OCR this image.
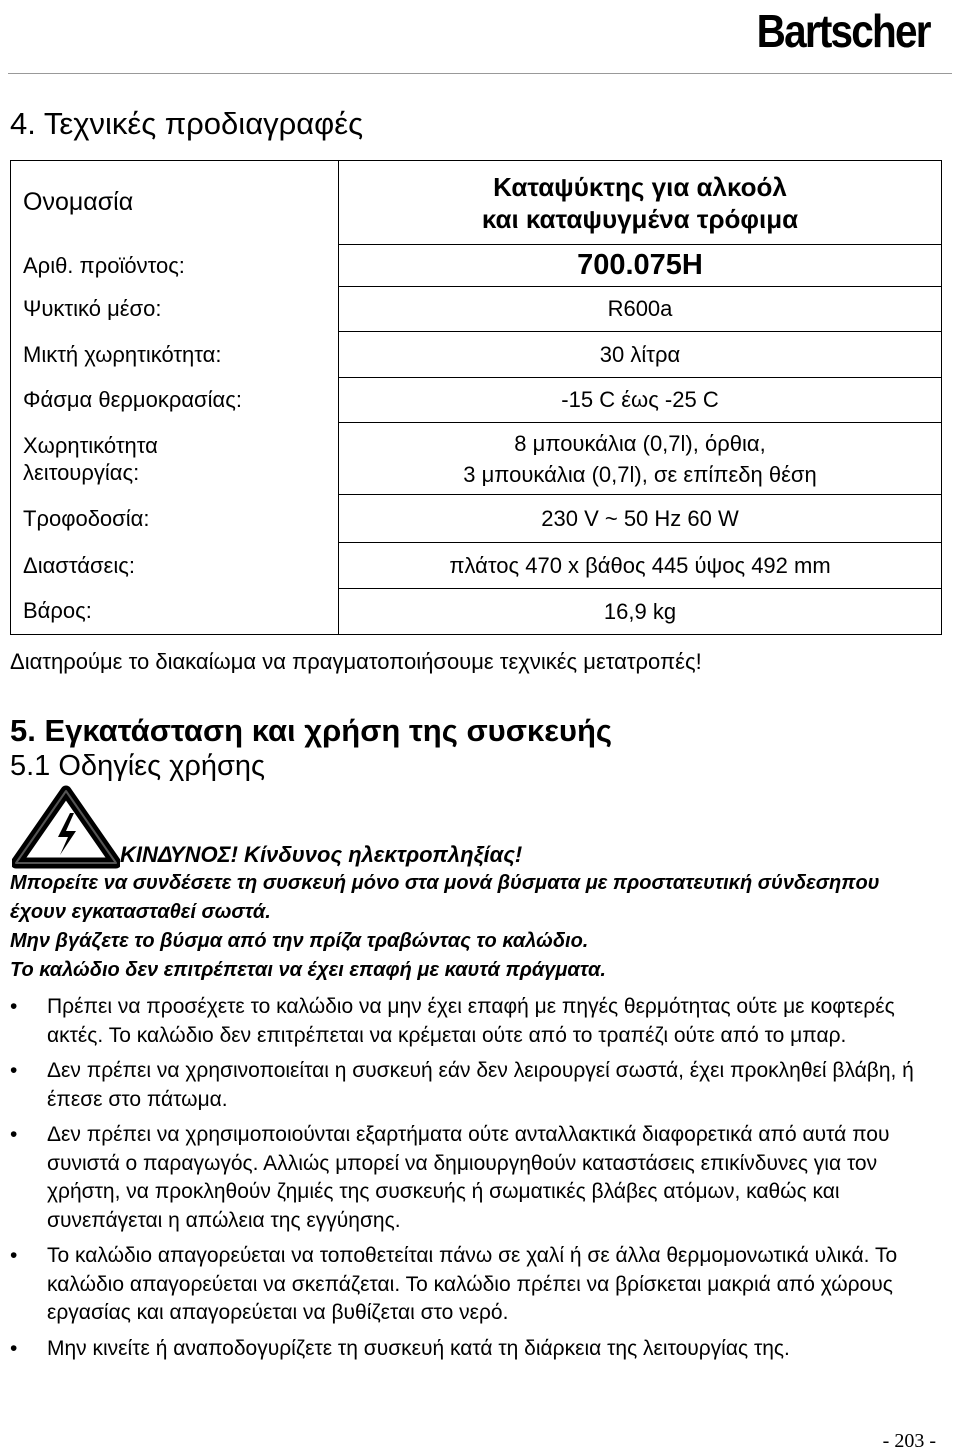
Bartscher
4. Τεχνικές προδιαγραφές
Ονομασία	Καταψύκτης για αλκοόλ και καταψυγμένα τρόφιμα
Αριθ. προϊόντος:	700.075H
Ψυκτικό μέσο:	R600a
Μικτή χωρητικότητα:	30 λίτρα
Φάσμα θερμοκρασίας:	-15 C έως -25 C
Χωρητικότητα λειτουργίας:	8 μπουκάλια (0,7l), όρθια,
3 μπουκάλια (0,7l), σε επίπεδη θέση
Τροφοδοσία:	230 V ~ 50 Hz 60 W
Διαστάσεις:	πλάτος 470 x βάθος 445 ύψος 492 mm
Βάρος:	16,9 kg
Διατηρούμε το διακαίωμα να πραγματοποιήσουμε τεχνικές μετατροπές!
5. Εγκατάσταση και χρήση της συσκευής
5.1 Οδηγίες χρήσης
ΚΙΝΔΥΝΟΣ! Κίνδυνος ηλεκτροπληξίας!
Μπορείτε να συνδέσετε τη συσκευή μόνο στα μονά βύσματα με προστατευτική σύνδεσηπου έχουν εγκατασταθεί σωστά.
Μην βγάζετε το βύσμα από την πρίζα τραβώντας το καλώδιο.
Το καλώδιο δεν επιτρέπεται να έχει επαφή με καυτά πράγματα.
• Πρέπει να προσέχετε το καλώδιο να μην έχει επαφή με πηγές θερμότητας ούτε με κοφτερές ακτές. Το καλώδιο δεν επιτρέπεται να κρέμεται ούτε από το τραπέζι ούτε από το μπαρ.
• Δεν πρέπει να χρησινοποιείται η συσκευή εάν δεν λειρουργεί σωστά, έχει προκληθεί βλάβη, ή έπεσε στο πάτωμα.
• Δεν πρέπει να χρησιμοποιούνται εξαρτήματα ούτε ανταλλακτικά διαφορετικά από αυτά που συνιστά ο παραγωγός. Αλλιώς μπορεί να δημιουργηθούν καταστάσεις επικίνδυνες για τον χρήστη, να προκληθούν ζημιές της συσκευής ή σωματικές βλάβες ατόμων, καθώς και συνεπάγεται η απώλεια της εγγύησης.
• Το καλώδιο απαγορεύεται να τοποθετείται πάνω σε χαλί ή σε άλλα θερμομονωτικά υλικά. Το καλώδιο απαγορεύεται να σκεπάζεται. Το καλώδιο πρέπει να βρίσκεται μακριά από χώρους εργασίας και απαγορεύεται να βυθίζεται στο νερό.
• Μην κινείτε ή αναποδογυρίζετε τη συσκευή κατά τη διάρκεια της λειτουργίας της.
- 203 -
